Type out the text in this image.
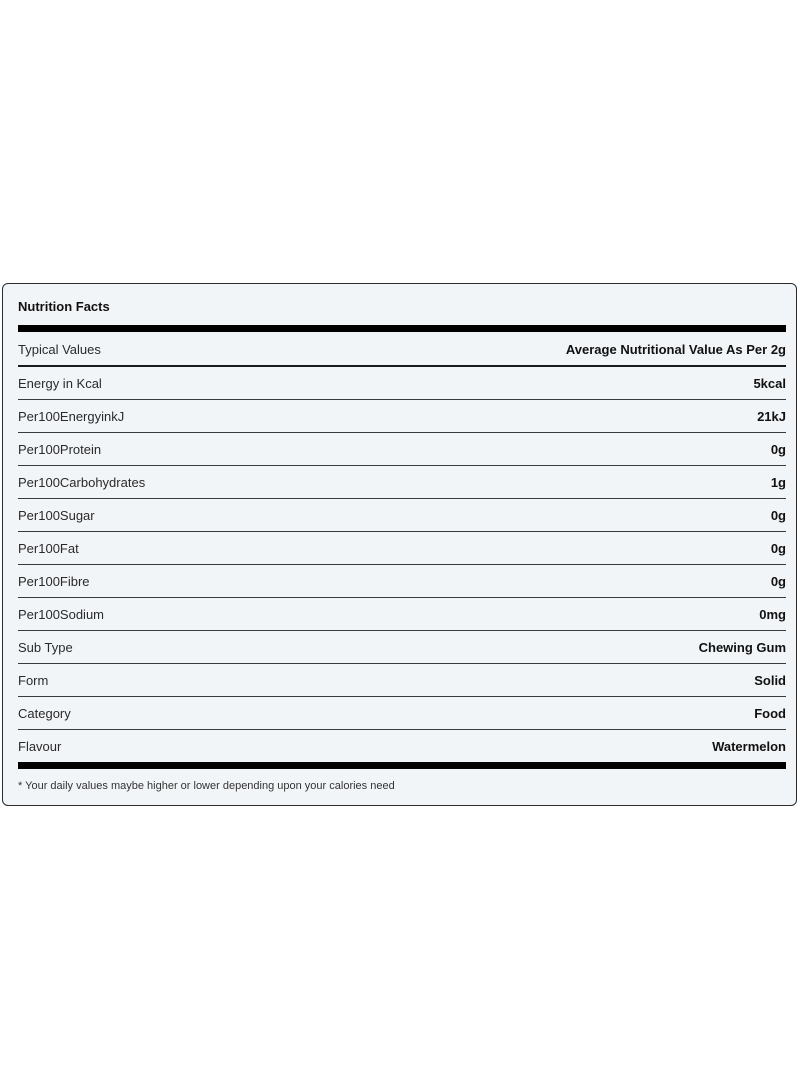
Nutrition Facts
Typical Values	Average Nutritional Value As Per 2g
Energy in Kcal	5kcal
Per100EnergyinkJ	21kJ
Per100Protein	0g
Per100Carbohydrates	1g
Per100Sugar	0g
Per100Fat	0g
Per100Fibre	0g
Per100Sodium	0mg
Sub Type	Chewing Gum
Form	Solid
Category	Food
Flavour	Watermelon
* Your daily values maybe higher or lower depending upon your calories need
